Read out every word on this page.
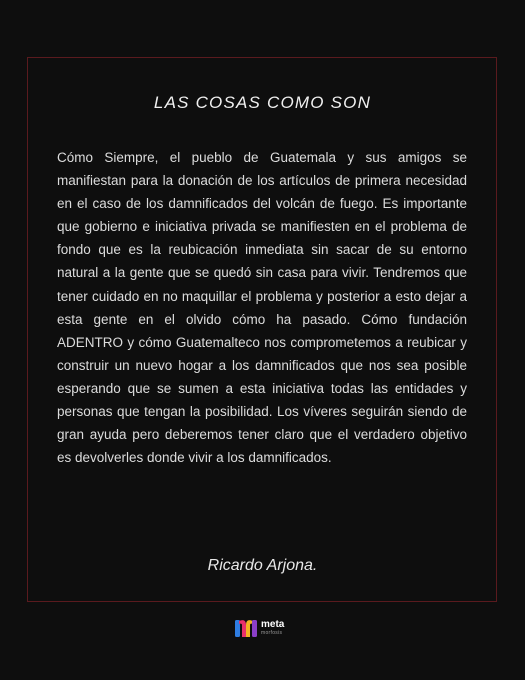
LAS COSAS COMO SON

Cómo Siempre, el pueblo de Guatemala y sus amigos se manifiestan para la donación de los artículos de primera necesidad en el caso de los damnificados del volcán de fuego. Es importante que gobierno e iniciativa privada se manifiesten en el problema de fondo que es la reubicación inmediata sin sacar de su entorno natural a la gente que se quedó sin casa para vivir. Tendremos que tener cuidado en no maquillar el problema y posterior a esto dejar a esta gente en el olvido cómo ha pasado. Cómo fundación ADENTRO y cómo Guatemalteco nos comprometemos a reubicar y construir un nuevo hogar a los damnificados que nos sea posible esperando que se sumen a esta iniciativa todas las entidades y personas que tengan la posibilidad. Los víveres seguirán siendo de gran ayuda pero deberemos tener claro que el verdadero objetivo es devolverles donde vivir a los damnificados.

Ricardo Arjona.
meta
morfosis
